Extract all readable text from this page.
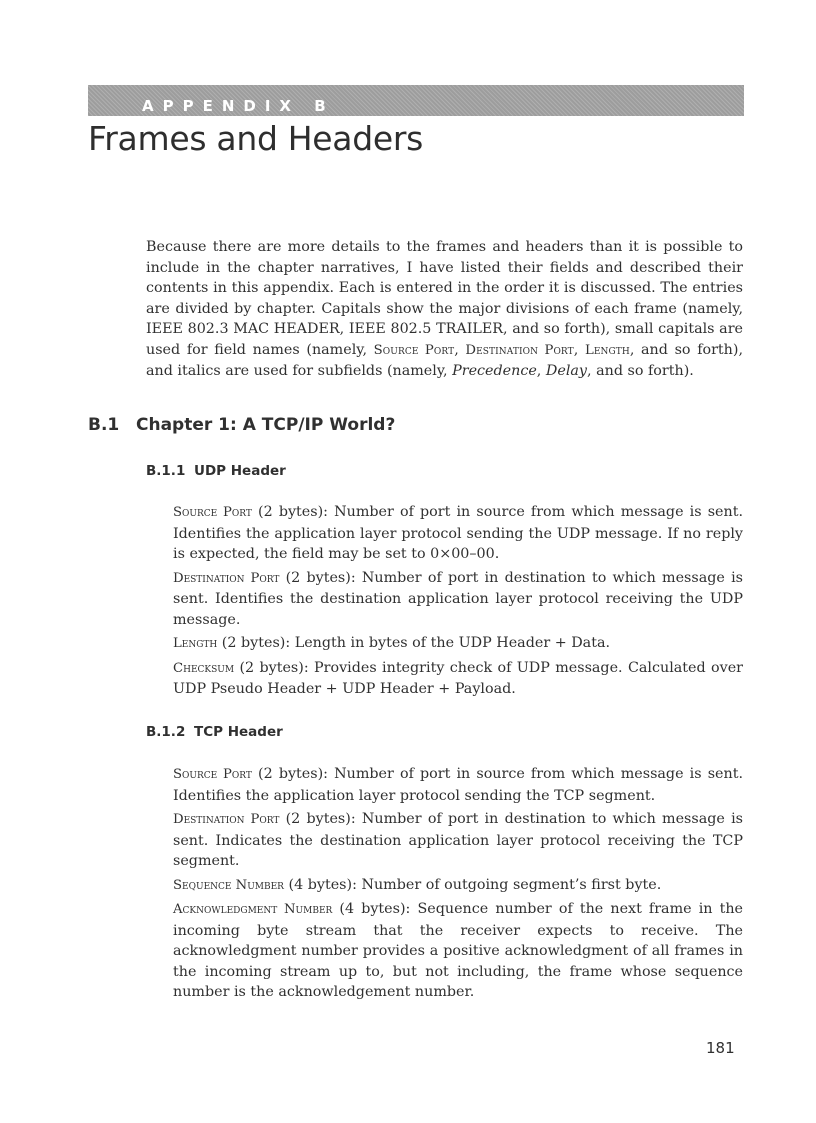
APPENDIX B
Frames and Headers

Because there are more details to the frames and headers than it is possible to include in the chapter narratives, I have listed their fields and described their contents in this appendix. Each is entered in the order it is discussed. The entries are divided by chapter. Capitals show the major divisions of each frame (namely, IEEE 802.3 MAC HEADER, IEEE 802.5 TRAILER, and so forth), small capitals are used for field names (namely, Source Port, Destination Port, Length, and so forth), and italics are used for subfields (namely, Precedence, Delay, and so forth).

B.1 Chapter 1: A TCP/IP World?
B.1.1 UDP Header

Source Port (2 bytes): Number of port in source from which message is sent. Identifies the application layer protocol sending the UDP message. If no reply is expected, the field may be set to 0×00–00.

Destination Port (2 bytes): Number of port in destination to which message is sent. Identifies the destination application layer protocol receiving the UDP message.

Length (2 bytes): Length in bytes of the UDP Header + Data.

Checksum (2 bytes): Provides integrity check of UDP message. Calculated over UDP Pseudo Header + UDP Header + Payload.

B.1.2 TCP Header

Source Port (2 bytes): Number of port in source from which message is sent. Identifies the application layer protocol sending the TCP segment.

Destination Port (2 bytes): Number of port in destination to which message is sent. Indicates the destination application layer protocol receiving the TCP segment.

Sequence Number (4 bytes): Number of outgoing segment’s first byte.

Acknowledgment Number (4 bytes): Sequence number of the next frame in the incoming byte stream that the receiver expects to receive. The acknowledgment number provides a positive acknowledgment of all frames in the incoming stream up to, but not including, the frame whose sequence number is the acknowledgement number.

181
